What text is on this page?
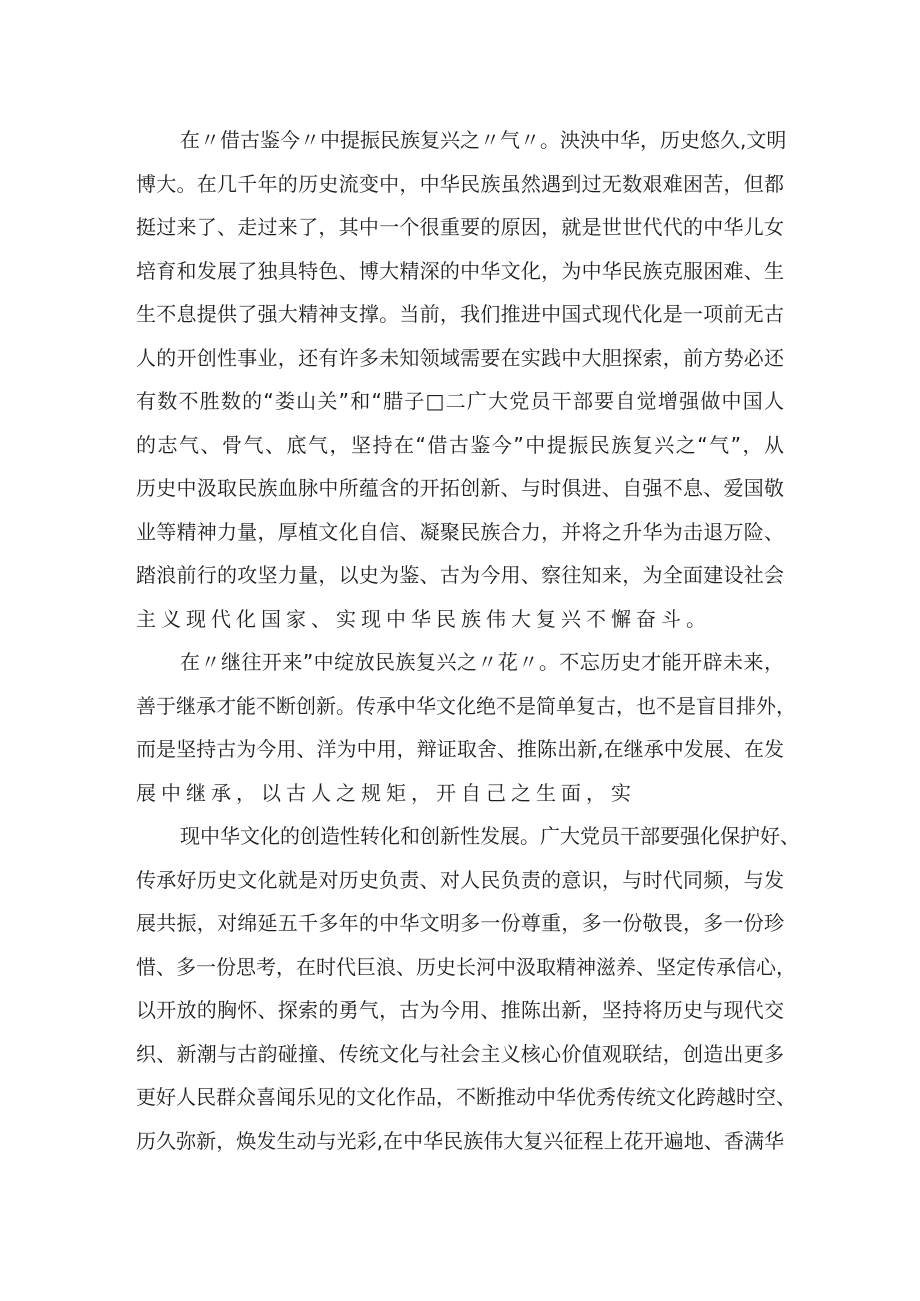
在〃借古鉴今〃中提振民族复兴之〃气〃。泱泱中华，历史悠久,文明
博大。在几千年的历史流变中，中华民族虽然遇到过无数艰难困苦，但都
挺过来了、走过来了，其中一个很重要的原因，就是世世代代的中华儿女
培育和发展了独具特色、博大精深的中华文化，为中华民族克服困难、生
生不息提供了强大精神支撑。当前，我们推进中国式现代化是一项前无古
人的开创性事业，还有许多未知领域需要在实践中大胆探索，前方势必还
有数不胜数的“娄山关”和“腊子□二广大党员干部要自觉增强做中国人
的志气、骨气、底气，坚持在“借古鉴今”中提振民族复兴之“气”，从
历史中汲取民族血脉中所蕴含的开拓创新、与时俱进、自强不息、爱国敬
业等精神力量，厚植文化自信、凝聚民族合力，并将之升华为击退万险、
踏浪前行的攻坚力量，以史为鉴、古为今用、察往知来，为全面建设社会
主义现代化国家、实现中华民族伟大复兴不懈奋斗。
在〃继往开来”中绽放民族复兴之〃花〃。不忘历史才能开辟未来，
善于继承才能不断创新。传承中华文化绝不是简单复古，也不是盲目排外，
而是坚持古为今用、洋为中用，辩证取舍、推陈出新,在继承中发展、在发
展中继承，以古人之规矩，开自己之生面，实
现中华文化的创造性转化和创新性发展。广大党员干部要强化保护好、
传承好历史文化就是对历史负责、对人民负责的意识，与时代同频，与发
展共振，对绵延五千多年的中华文明多一份尊重，多一份敬畏，多一份珍
惜、多一份思考，在时代巨浪、历史长河中汲取精神滋养、坚定传承信心，
以开放的胸怀、探索的勇气，古为今用、推陈出新，坚持将历史与现代交
织、新潮与古韵碰撞、传统文化与社会主义核心价值观联结，创造出更多
更好人民群众喜闻乐见的文化作品，不断推动中华优秀传统文化跨越时空、
历久弥新，焕发生动与光彩,在中华民族伟大复兴征程上花开遍地、香满华
